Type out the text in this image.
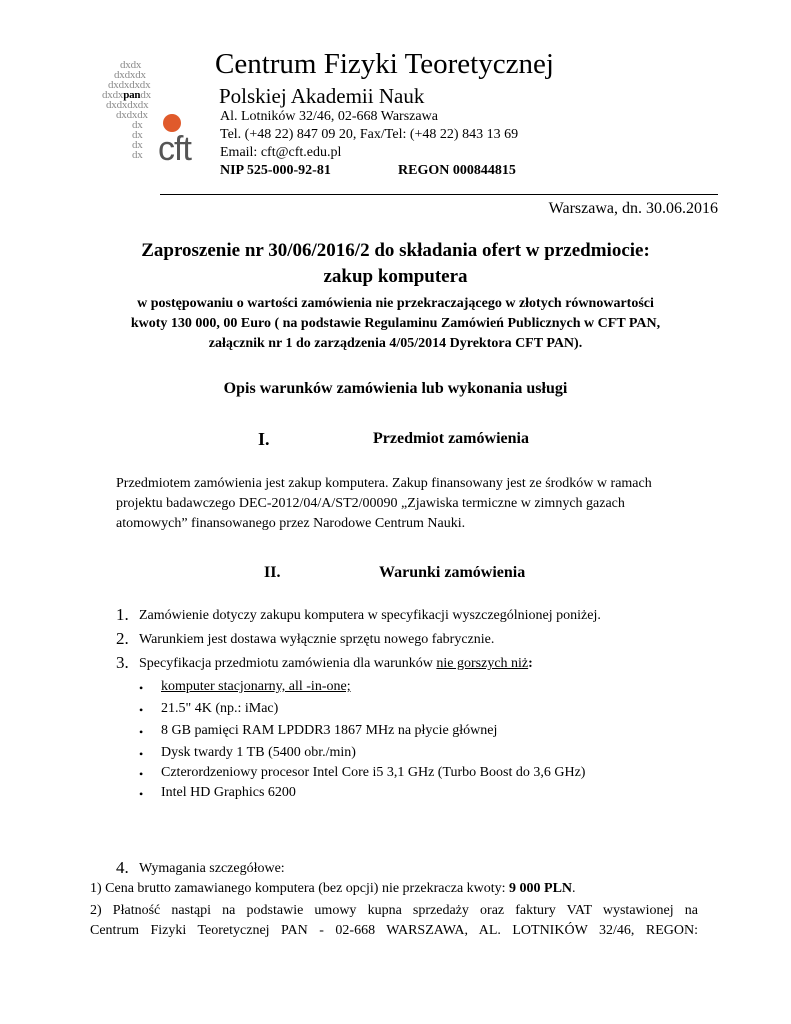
dxdx
dxdxdx
dxdxdxdx
dxdxpandx
dxdxdxdx
dxdxdx
dx
dx
dx
dx cft
Centrum Fizyki Teoretycznej
Polskiej Akademii Nauk
Al. Lotników 32/46, 02-668 Warszawa
Tel. (+48 22) 847 09 20, Fax/Tel: (+48 22) 843 13 69
Email: cft@cft.edu.pl
NIP 525-000-92-81	REGON 000844815
Warszawa, dn. 30.06.2016
Zaproszenie nr 30/06/2016/2 do składania ofert w przedmiocie:
zakup komputera
w postępowaniu o wartości zamówienia nie przekraczającego w złotych równowartości
kwoty 130 000, 00 Euro ( na podstawie Regulaminu Zamówień Publicznych w CFT PAN,
załącznik nr 1 do zarządzenia 4/05/2014 Dyrektora CFT PAN).
Opis warunków zamówienia lub wykonania usługi
I.	Przedmiot zamówienia
Przedmiotem zamówienia jest zakup komputera. Zakup finansowany jest ze środków w ramach
projektu badawczego DEC-2012/04/A/ST2/00090 „Zjawiska termiczne w zimnych gazach
atomowych” finansowanego przez Narodowe Centrum Nauki.
II.	Warunki zamówienia
1. Zamówienie dotyczy zakupu komputera w specyfikacji wyszczególnionej poniżej.
2. Warunkiem jest dostawa wyłącznie sprzętu nowego fabrycznie.
3. Specyfikacja przedmiotu zamówienia dla warunków nie gorszych niż:
• komputer stacjonarny, all -in-one;
• 21.5" 4K (np.: iMac)
• 8 GB pamięci RAM LPDDR3 1867 MHz na płycie głównej
• Dysk twardy 1 TB (5400 obr./min)
• Czterordzeniowy procesor Intel Core i5 3,1 GHz (Turbo Boost do 3,6 GHz)
• Intel HD Graphics 6200
4. Wymagania szczegółowe:
1) Cena brutto zamawianego komputera (bez opcji) nie przekracza kwoty: 9 000 PLN.
2) Płatność nastąpi na podstawie umowy kupna sprzedaży oraz faktury VAT wystawionej na
Centrum Fizyki Teoretycznej PAN - 02-668 WARSZAWA, AL. LOTNIKÓW 32/46, REGON:
